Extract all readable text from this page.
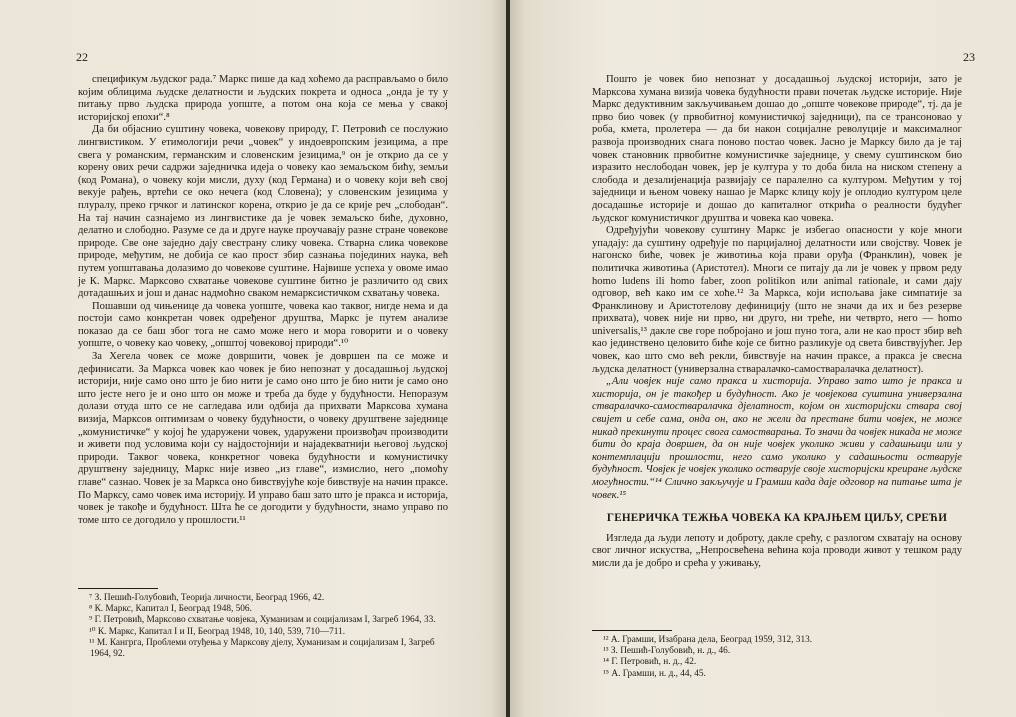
22

спецификум људског рада.⁷ Маркс пише да кад хоћемо да расправљамо о било којим облицима људске делатности и људских покрета и односа „онда је ту у питању прво људска природа уопште, а потом она која се мења у свакој историјској епохи“.⁸

Да би објаснио суштину човека, човекову природу, Г. Петровић се послужио лингвистиком. У етимологији речи „човек“ у индоевропским језицима, а пре свега у романским, германским и словенским језицима,⁹ он је открио да се у корену ових речи садржи заједничка идеја о човеку као земаљском бићу, земљи (код Романа), о човеку који мисли, духу (код Германа) и о човеку који већ свој векује рађењ, вртећи се око нечега (код Словена); у словенским језицима у плуралу, преко грчког и латинског корена, открио је да се крије реч „слободан“. На тај начин сазнајемо из лингвистике да је човек земаљско биће, духовно, делатно и слободно. Разуме се да и друге науке проучавају разне стране човекове природе. Све оне заједно дају свестрану слику човека. Стварна слика човекове природе, међутим, не добија се као прост збир сазнања појединих наука, већ путем уопштавања долазимо до човекове суштине. Највише успеха у овоме имао је К. Маркс. Марксово схватање човекове суштине битно је различито од свих дотадашњих и још и данас надмоћно сваком немарксистичком схватању човека.

Пошавши од чињенице да човека уопште, човека као таквог, нигде нема и да постоји само конкретан човек одређеног друштва, Маркс је путем анализе показао да се баш због тога не само може него и мора говорити и о човеку уопште, о човеку као човеку, „општој човековој природи“.¹⁰

За Хегела човек се може довршити, човек је довршен па се може и дефинисати. За Маркса човек као човек је био непознат у досадашњој људској историји, није само оно што је био нити је само оно што је био нити је само оно што јесте него је и оно што он може и треба да буде у будућности. Непоразум долази отуда што се не сагледава или одбија да прихвати Марксова хумана визија, Марксов оптимизам о човеку будућности, о човеку друштвене заједнице „комунистичке“ у којој ће ударужени човек, ударужени произвођач производити и живети под условима који су најдостојнији и најадекватнији његовој људској природи. Таквог човека, конкретног човека будућности и комунистичку друштвену заједницу, Маркс није извео „из главе“, измислио, него „помоћу главе“ сазнао. Човек је за Маркса оно бивствујуће које бивствује на начин праксе. По Марксу, само човек има историју. И управо баш зато што је пракса и историја, човек је такође и будућност. Шта ће се догодити у будућности, знамо управо по томе што се догодило у прошлости.¹¹

⁷ З. Пешић-Голубовић, Теорија личности, Београд 1966, 42.
⁸ К. Маркс, Капитал I, Београд 1948, 506.
⁹ Г. Петровић, Марксово схватање човјека, Хуманизам и социјализам I, Загреб 1964, 33.
¹⁰ К. Маркс, Капитал I и II, Београд 1948, 10, 140, 539, 710—711.
¹¹ М. Кангрга, Проблеми отуђења у Марксову дјелу, Хуманизам и социјализам I, Загреб 1964, 92.
23

Пошто је човек био непознат у досадашњој људској историји, зато је Марксова хумана визија човека будућности прави почетак људске историје. Није Маркс дедуктивним закључивањем дошао до „опште човекове природе“, тј. да је прво био човек (у првобитној комунистичкој заједници), па се трансоновао у роба, кмета, пролетера — да би након социјалне револуције и максималног развоја производних снага поново постао човек. Јасно је Марксу било да је тај човек становник првобитне комунистичке заједнице, у свему суштинском био изразито неслободан човек, јер је култура у то доба била на ниском степену а слобода и дезалијенација развијају се паралелно са културом. Међутим у тој заједници и њеном човеку нашао је Маркс клицу коју је оплодио културом целе досадашње историје и дошао до капиталног открића о реалности будућег људског комунистичког друштва и човека као човека.

Одређујући човекову суштину Маркс је избегао опасности у које многи упадају: да суштину одређује по парцијалној делатности или својству. Човек је нагонско биће, човек је животиња која прави оруђа (Франклин), човек је политичка животиња (Аристотел). Многи се питају да ли је човек у првом реду homo ludens ili homo faber, zoon politikon или animal rationale, и сами дају одговор, већ како им се хоће.¹² За Маркса, који испољава јаке симпатије за Франклинову и Аристотелову дефиницију (што не значи да их и без резерве прихвата), човек није ни прво, ни друго, ни треће, ни четврто, него — homo universalis,¹³ дакле све горе побројано и још пуно тога, али не као прост збир већ као јединствено целовито биће које се битно разликује од света бивствујућег. Јер човек, као што смо већ рекли, бивствује на начин праксе, а пракса је свесна људска делатност (универзална стваралачко-самостваралачка делатност).

„Али човјек није само пракса и хисторија. Управо зато што је пракса и хисторија, он је такођер и будућност. Ако је човјекова суштина универзална стваралачко-самостваралачка дјелатност, којом он хисторијски ствара свој свијет и себе сама, онда он, ако не жели да престане бити човјек, не може никад прекинути процес свога самостварања. То значи да човјек никада не може бити до краја довршен, да он није човјек уколико живи у садашњици или у контемплацији прошлости, него само уколико у садашњости остварује будућност. Човјек је човјек уколико остварује своје хисторијски креиране људске могућности.“¹⁴ Слично закључује и Грамши када даје одговор на питање шта је човек.¹⁵

ГЕНЕРИЧКА ТЕЖЊА ЧОВЕКА КА КРАЈЊЕМ ЦИЉУ, СРЕЋИ

Изгледа да људи лепоту и доброту, дакле срећу, с разлогом схватају на основу свог личног искуства, „Непросвећена већина која проводи живот у тешком раду мисли да је добро и срећа у уживању,

¹² А. Грамши, Изабрана дела, Београд 1959, 312, 313.
¹³ З. Пешић-Голубовић, н. д., 46.
¹⁴ Г. Петровић, н. д., 42.
¹⁵ А. Грамши, н. д., 44, 45.
